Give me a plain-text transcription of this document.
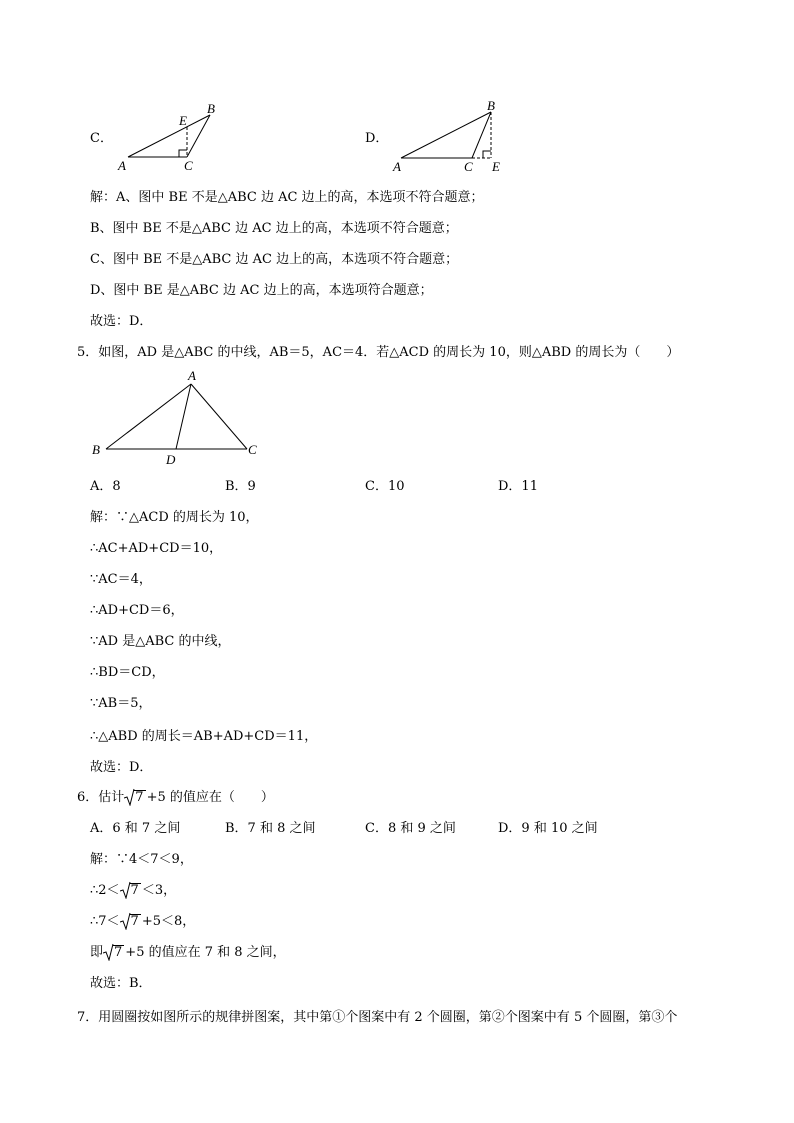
C．
A
B
C
E
D．
A
B
C E
解：A、图中 BE 不是△ABC 边 AC 边上的高，本选项不符合题意；
B、图中 BE 不是△ABC 边 AC 边上的高，本选项不符合题意；
C、图中 BE 不是△ABC 边 AC 边上的高，本选项不符合题意；
D、图中 BE 是△ABC 边 AC 边上的高，本选项符合题意；
故选：D．
5．如图，AD 是△ABC 的中线，AB＝5，AC＝4．若△ACD 的周长为 10，则△ABD 的周长为（　　）
A
B	C
D
A．8	B．9	C．10	D．11
解：∵△ACD 的周长为 10，
∴AC+AD+CD＝10，
∵AC＝4，
∴AD+CD＝6，
∵AD 是△ABC 的中线，
∴BD＝CD，
∵AB＝5，
∴△ABD 的周长＝AB+AD+CD＝11，
故选：D．
6．估计 7 +5 的值应在（　　）
A．6 和 7 之间	B．7 和 8 之间	C．8 和 9 之间	D．9 和 10 之间
解：∵4＜7＜9，
∴2＜ 7 ＜3，
∴7＜ 7 +5＜8，
即 7 +5 的值应在 7 和 8 之间，
故选：B．
7．用圆圈按如图所示的规律拼图案，其中第①个图案中有 2 个圆圈，第②个图案中有 5 个圆圈，第③个
